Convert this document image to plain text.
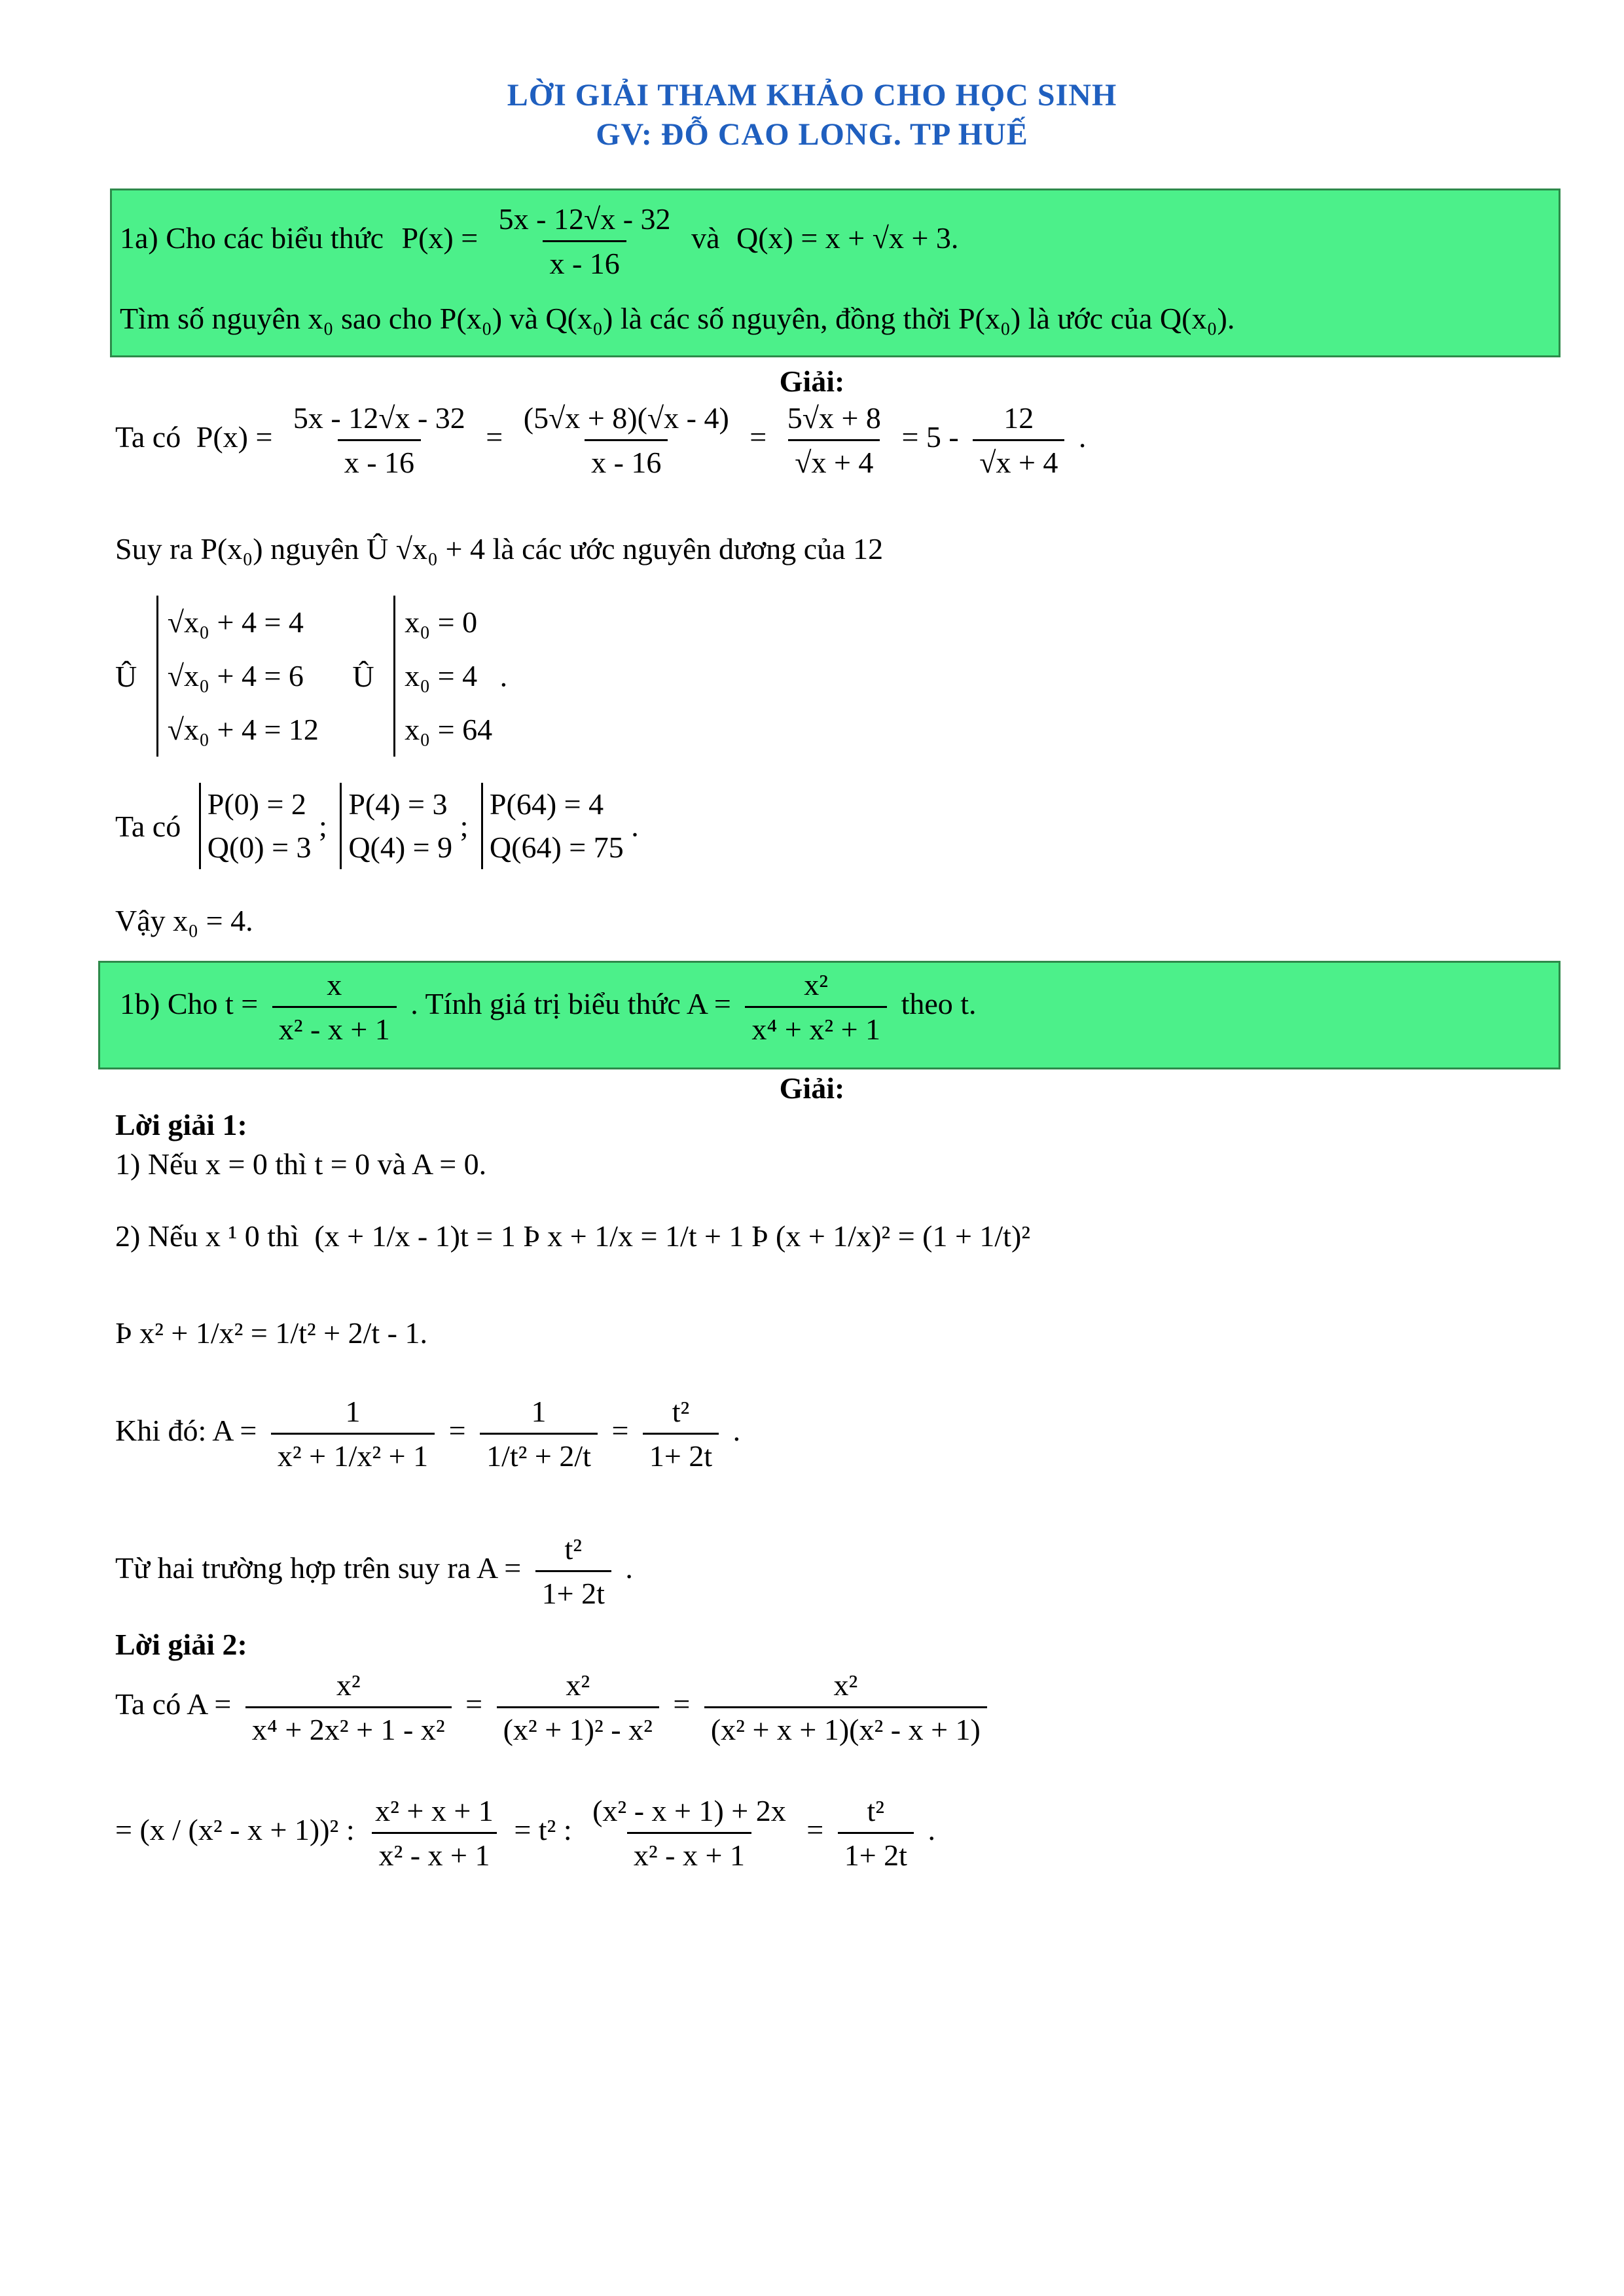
LỜI GIẢI THAM KHẢO CHO HỌC SINH
GV: ĐỖ CAO LONG. TP HUẾ
1a) Cho các biểu thức $P(x) = \frac{5x - 12√x - 32}{x - 16}$ và Q(x) = x + √x + 3.
Tìm số nguyên x₀ sao cho P(x₀) và Q(x₀) là các số nguyên, đồng thời P(x₀) là ước của Q(x₀).
Giải:
Ta có $P(x) = \frac{5x - 12√x - 32}{x - 16} = \frac{(5√x + 8)(√x - 4)}{x - 16} = \frac{5√x + 8}{√x + 4} = 5 - \frac{12}{√x + 4}$ .
Suy ra P(x₀) nguyên Û √x₀ + 4 là các ước nguyên dương của 12
Û
√x₀ + 4 = 4
√x₀ + 4 = 6
√x₀ + 4 = 12
Û
x₀ = 0
x₀ = 4
x₀ = 64
.
Ta có
P(0) = 2
Q(0) = 3
;
P(4) = 3
Q(4) = 9
;
P(64) = 4
Q(64) = 75
.
Vậy x₀ = 4.
1b) Cho $t = \frac{x}{\text{x² - x + 1}}$ . Tính giá trị biểu thức $A = \frac{\text{x²}}{\text{x⁴ + x² + 1}}$ theo t.
Giải:
Lời giải 1:
1) Nếu x = 0 thì t = 0 và A = 0.
2) Nếu x ¹ 0 thì (x + 1/x - 1)t = 1 Þ x + 1/x = 1/t + 1 Þ (x + 1/x)² = (1 + 1/t)²
Þ x² + 1/x² = 1/t² + 2/t - 1.
Khi đó: $A = \frac{1}{\text{x² + 1/x² + 1}} = \frac{1}{\text{1/t² + 2/t}} = \frac{\text{t²}}{1+ 2t}$ .
Từ hai trường hợp trên suy ra $A = \frac{\text{t²}}{1+ 2t}$ .
Lời giải 2:
Ta có $A = \frac{\text{x²}}{\text{x⁴ + 2x² + 1 - x²}} = \frac{\text{x²}}{\text{(x² + 1)² - x²}} = \frac{\text{x²}}{\text{(x² + x + 1)(x² - x + 1)}}$
= (x / (x² - x + 1))² : $\frac{\text{x² + x + 1}}{\text{x² - x + 1}} = t^2$ : $\frac{\text{(x² - x + 1) + 2x}}{\text{x² - x + 1}} = \frac{\text{t²}}{1+ 2t}$ .
